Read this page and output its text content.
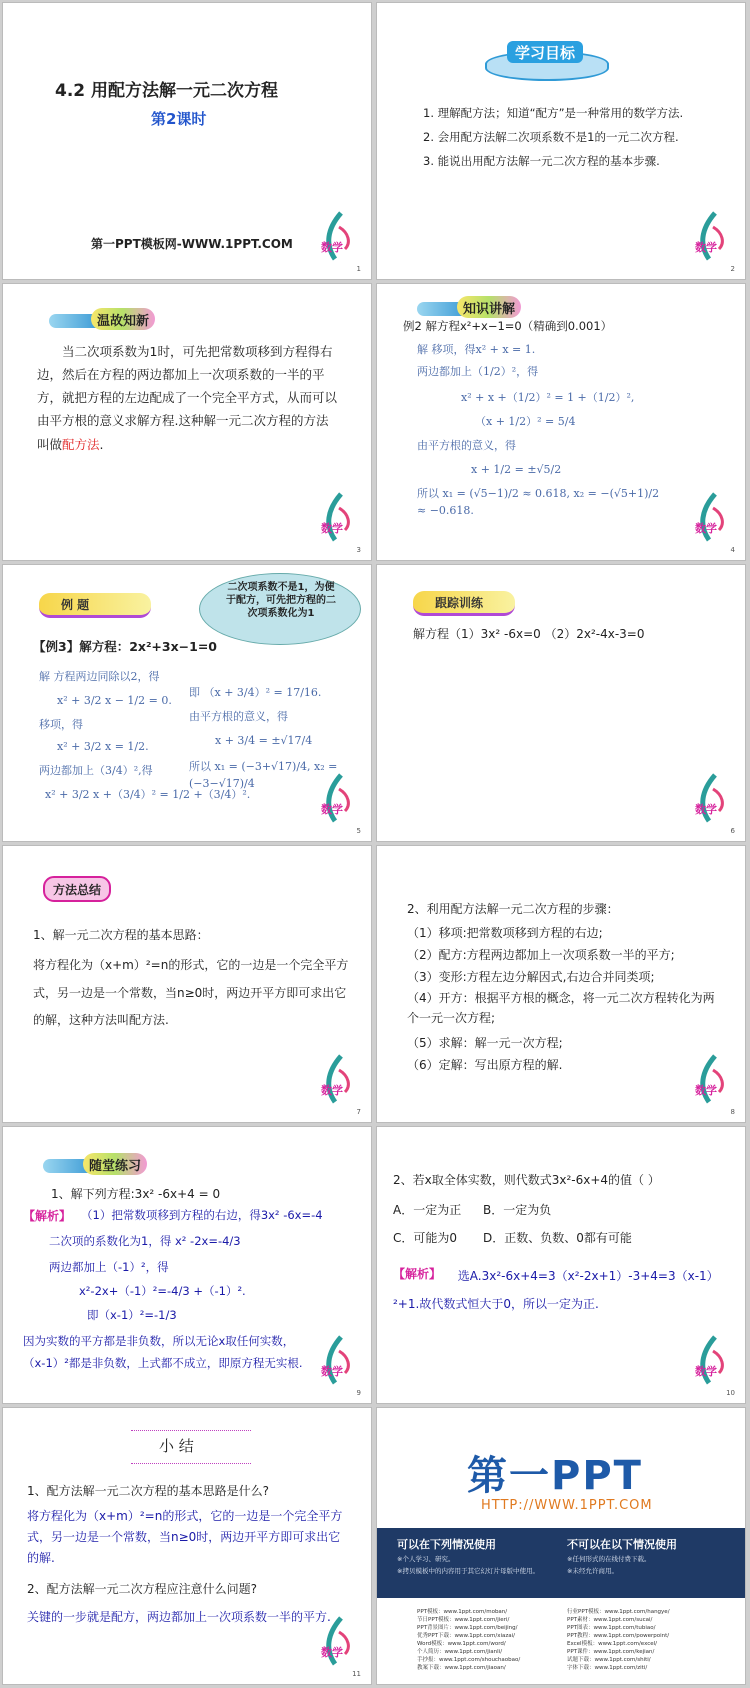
4.2 用配方法解一元二次方程
第2课时
第一PPT模板网-WWW.1PPT.COM	数学
1
学习目标
1. 理解配方法；知道“配方”是一种常用的数学方法.
2. 会用配方法解二次项系数不是1的一元二次方程.
3. 能说出用配方法解一元二次方程的基本步骤.
数学
2
温故知新
当二次项系数为1时，可先把常数项移到方程得右边，然后在方程的两边都加上一次项系数的一半的平方，就把方程的左边配成了一个完全平方式，从而可以由平方根的意义求解方程.这种解一元二次方程的方法叫做配方法.
数学
3
知识讲解
例2 解方程x²+x−1=0（精确到0.001）
解 移项，得x² + x = 1.
两边都加上（1/2）²，得
x² + x +（1/2）² = 1 +（1/2）²,
（x + 1/2）² = 5/4
由平方根的意义，得
x + 1/2 = ±√5/2
所以 x₁ = (√5−1)/2 ≈ 0.618, x₂ = −(√5+1)/2 ≈ −0.618.
数学
4
例 题
二次项系数不是1，为便于配方，可先把方程的二次项系数化为1
【例3】解方程：2x²+3x−1=0
解 方程两边同除以2，得
x² + 3/2 x − 1/2 = 0.
移项，得
x² + 3/2 x = 1/2.
两边都加上（3/4）²,得
x² + 3/2 x +（3/4）² = 1/2 +（3/4）².
即 （x + 3/4）² = 17/16.
由平方根的意义，得
x + 3/4 = ±√17/4
所以 x₁ = (−3+√17)/4, x₂ = (−3−√17)/4
数学
5
跟踪训练
解方程（1）3x² -6x=0 （2）2x²-4x-3=0
数学
6
方法总结
1、解一元二次方程的基本思路：
将方程化为（x+m）²=n的形式，它的一边是一个完全平方式，另一边是一个常数，当n≥0时，两边开平方即可求出它的解，这种方法叫配方法.
数学
7
2、利用配方法解一元二次方程的步骤：
（1）移项:把常数项移到方程的右边;
（2）配方:方程两边都加上一次项系数一半的平方;
（3）变形:方程左边分解因式,右边合并同类项;
（4）开方：根据平方根的概念，将一元二次方程转化为两个一元一次方程;
（5）求解：解一元一次方程;
（6）定解：写出原方程的解.
数学
8
随堂练习
1、解下列方程:3x² -6x+4 = 0
【解析】 （1）把常数项移到方程的右边，得3x² -6x=-4
二次项的系数化为1，得 x² -2x=-4/3
两边都加上（-1）²，得
x²-2x+（-1）²=-4/3 +（-1）².
即（x-1）²=-1/3
因为实数的平方都是非负数，所以无论x取任何实数，
（x-1）²都是非负数，上式都不成立，即原方程无实根.
数学
9
2、若x取全体实数，则代数式3x²-6x+4的值（ ）
A．一定为正 B．一定为负
C．可能为0 D．正数、负数、0都有可能
【解析】	选A.3x²-6x+4=3（x²-2x+1）-3+4=3（x-1）²+1.故代数式恒大于0，所以一定为正.
数学
10
小 结
1、配方法解一元二次方程的基本思路是什么?
将方程化为（x+m）²=n的形式，它的一边是一个完全平方式，另一边是一个常数，当n≥0时，两边开平方即可求出它的解.
2、配方法解一元二次方程应注意什么问题?
关键的一步就是配方，两边都加上一次项系数一半的平方.
数学
11
第一PPT
HTTP://WWW.1PPT.COM
可以在下列情况使用
※个人学习、研究。
※拷贝模板中的内容用于其它幻灯片母版中使用。
不可以在以下情况使用
※任何形式的在线付费下载。
※未经允许商用。
PPT模板：www.1ppt.com/moban/
节日PPT模板：www.1ppt.com/jieri/
PPT背景图片：www.1ppt.com/beijing/
优秀PPT下载：www.1ppt.com/xiazai/
Word模板：www.1ppt.com/word/
个人简历：www.1ppt.com/jianli/
手抄报：www.1ppt.com/shouchaobao/
教案下载：www.1ppt.com/jiaoan/
行业PPT模板：www.1ppt.com/hangye/
PPT素材：www.1ppt.com/sucai/
PPT图表：www.1ppt.com/tubiao/
PPT教程：www.1ppt.com/powerpoint/
Excel模板：www.1ppt.com/excel/
PPT课件：www.1ppt.com/kejian/
试题下载：www.1ppt.com/shiti/
字体下载：www.1ppt.com/ziti/
